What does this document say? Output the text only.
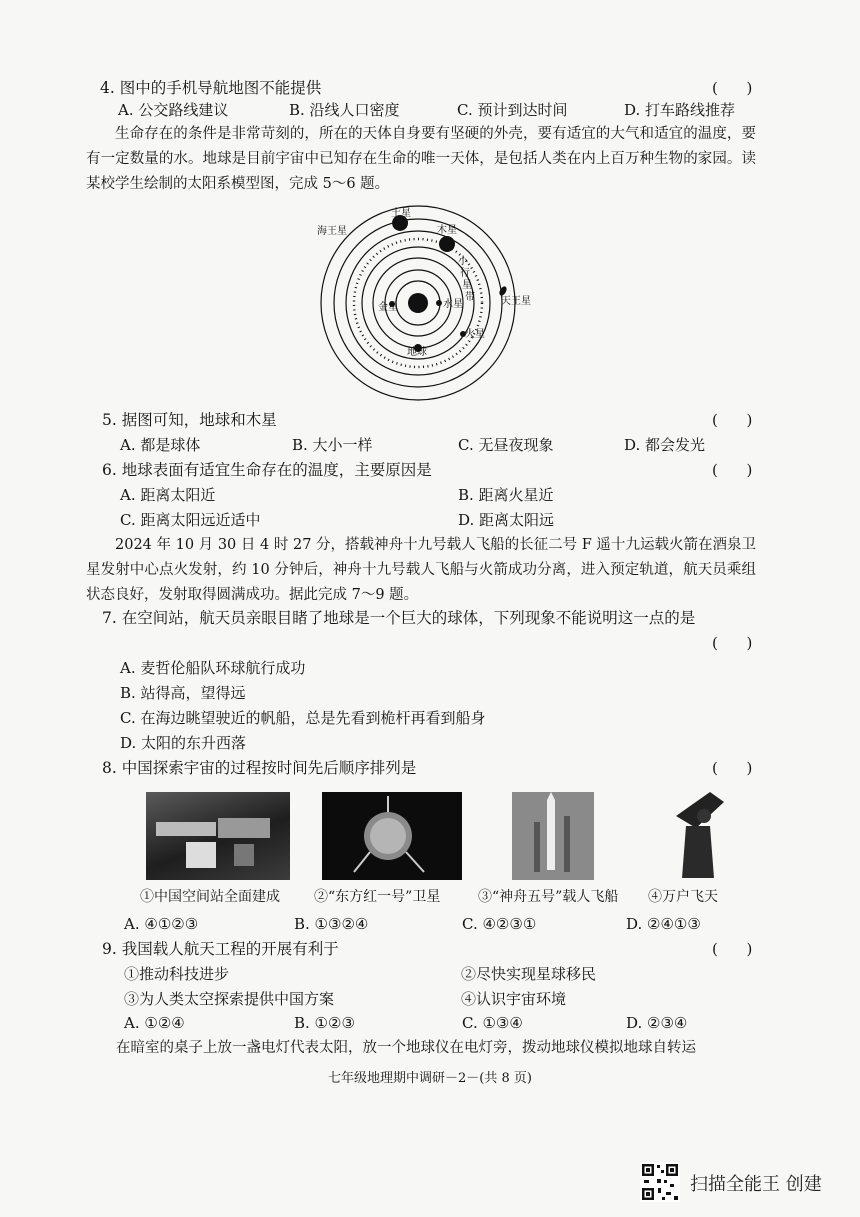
4. 图中的手机导航地图不能提供	(      )
A. 公交路线建议	B. 沿线人口密度	C. 预计到达时间	D. 打车路线推荐
生命存在的条件是非常苛刻的，所在的天体自身要有坚硬的外壳，要有适宜的大气和适宜的温度，要有一定数量的水。地球是目前宇宙中已知存在生命的唯一天体，是包括人类在内上百万种生物的家园。读某校学生绘制的太阳系模型图，完成 5～6 题。
土星
海王星	木星
小
行
星
带	天王星
金星	水星
火星
地球
5. 据图可知，地球和木星	(      )
A. 都是球体	B. 大小一样	C. 无昼夜现象	D. 都会发光
6. 地球表面有适宜生命存在的温度，主要原因是	(      )
A. 距离太阳近	B. 距离火星近
C. 距离太阳远近适中	D. 距离太阳远
2024 年 10 月 30 日 4 时 27 分，搭载神舟十九号载人飞船的长征二号 F 遥十九运载火箭在酒泉卫星发射中心点火发射，约 10 分钟后，神舟十九号载人飞船与火箭成功分离，进入预定轨道，航天员乘组状态良好，发射取得圆满成功。据此完成 7～9 题。
7. 在空间站，航天员亲眼目睹了地球是一个巨大的球体，下列现象不能说明这一点的是
(      )
A. 麦哲伦船队环球航行成功
B. 站得高，望得远
C. 在海边眺望驶近的帆船，总是先看到桅杆再看到船身
D. 太阳的东升西落
8. 中国探索宇宙的过程按时间先后顺序排列是	(      )
①中国空间站全面建成 ②“东方红一号”卫星	③“神舟五号”载人飞船 ④万户飞天
A. ④①②③	B. ①③②④	C. ④②③①	D. ②④①③
9. 我国载人航天工程的开展有利于	(      )
①推动科技进步	②尽快实现星球移民
③为人类太空探索提供中国方案	④认识宇宙环境
A. ①②④	B. ①②③	C. ①③④	D. ②③④
在暗室的桌子上放一盏电灯代表太阳，放一个地球仪在电灯旁，拨动地球仪模拟地球自转运
七年级地理期中调研－2－(共 8 页)
扫描全能王 创建
